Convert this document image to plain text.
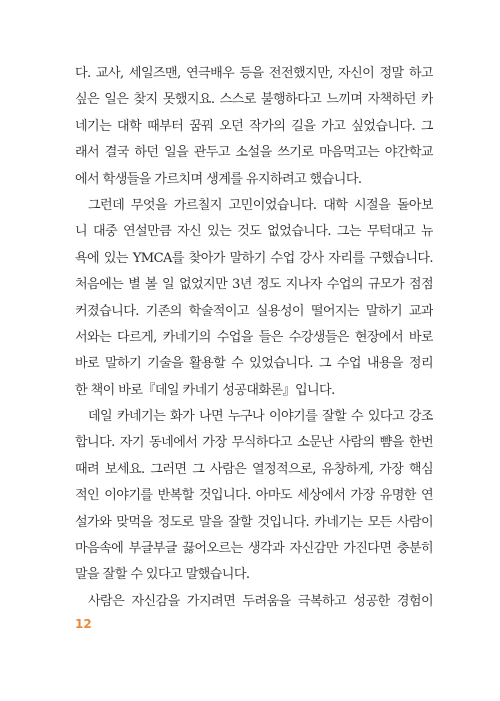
다. 교사, 세일즈맨, 연극배우 등을 전전했지만, 자신이 정말 하고
싶은 일은 찾지 못했지요. 스스로 불행하다고 느끼며 자책하던 카
네기는 대학 때부터 꿈꿔 오던 작가의 길을 가고 싶었습니다. 그
래서 결국 하던 일을 관두고 소설을 쓰기로 마음먹고는 야간학교
에서 학생들을 가르치며 생계를 유지하려고 했습니다.

그런데 무엇을 가르칠지 고민이었습니다. 대학 시절을 돌아보
니 대중 연설만큼 자신 있는 것도 없었습니다. 그는 무턱대고 뉴
욕에 있는 YMCA를 찾아가 말하기 수업 강사 자리를 구했습니다.
처음에는 별 볼 일 없었지만 3년 정도 지나자 수업의 규모가 점점
커졌습니다. 기존의 학술적이고 실용성이 떨어지는 말하기 교과
서와는 다르게, 카네기의 수업을 들은 수강생들은 현장에서 바로
바로 말하기 기술을 활용할 수 있었습니다. 그 수업 내용을 정리
한 책이 바로『데일 카네기 성공대화론』입니다.

데일 카네기는 화가 나면 누구나 이야기를 잘할 수 있다고 강조
합니다. 자기 동네에서 가장 무식하다고 소문난 사람의 뺨을 한번
때려 보세요. 그러면 그 사람은 열정적으로, 유창하게, 가장 핵심
적인 이야기를 반복할 것입니다. 아마도 세상에서 가장 유명한 연
설가와 맞먹을 정도로 말을 잘할 것입니다. 카네기는 모든 사람이
마음속에 부글부글 끓어오르는 생각과 자신감만 가진다면 충분히
말을 잘할 수 있다고 말했습니다.

사람은 자신감을 가지려면 두려움을 극복하고 성공한 경험이

12
